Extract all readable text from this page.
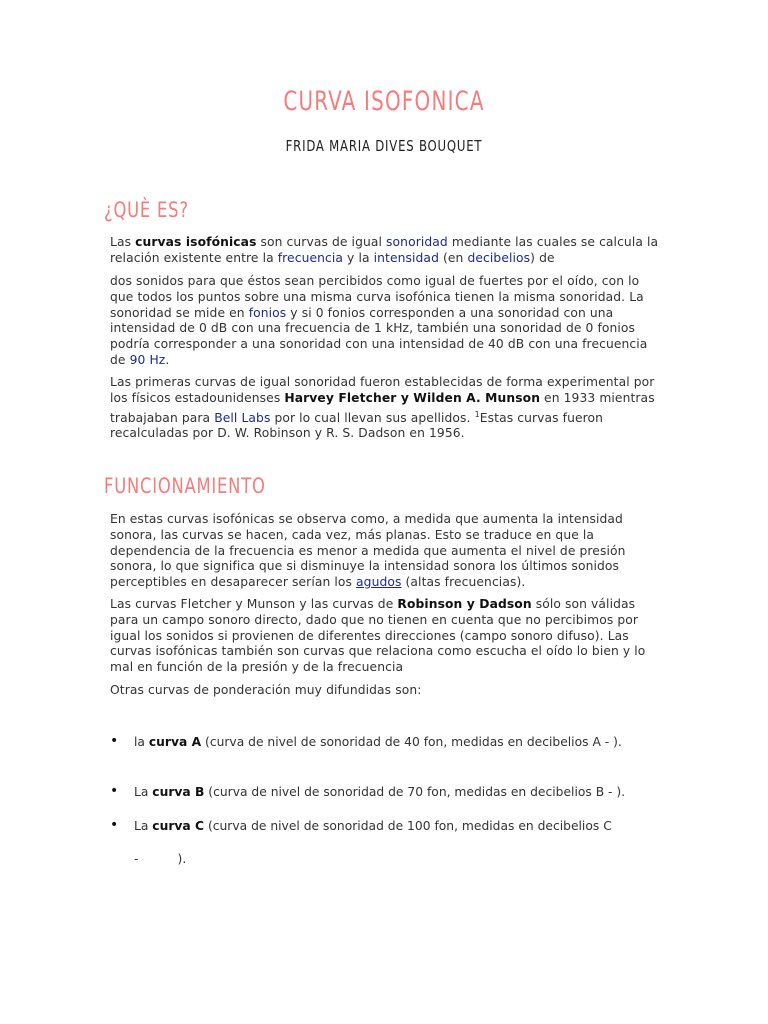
CURVA ISOFONICA
FRIDA MARIA DIVES BOUQUET
¿QUÈ ES?

Las curvas isofónicas son curvas de igual sonoridad mediante las cuales se calcula la relación existente entre la frecuencia y la intensidad (en decibelios) de

dos sonidos para que éstos sean percibidos como igual de fuertes por el oído, con lo que todos los puntos sobre una misma curva isofónica tienen la misma sonoridad. La sonoridad se mide en fonios y si 0 fonios corresponden a una sonoridad con una intensidad de 0 dB con una frecuencia de 1 kHz, también una sonoridad de 0 fonios podría corresponder a una sonoridad con una intensidad de 40 dB con una frecuencia de 90 Hz.

Las primeras curvas de igual sonoridad fueron establecidas de forma experimental por los físicos estadounidenses Harvey Fletcher y Wilden A. Munson en 1933 mientras trabajaban para Bell Labs por lo cual llevan sus apellidos. $^1$Estas curvas fueron recalculadas por D. W. Robinson y R. S. Dadson en 1956.

FUNCIONAMIENTO

En estas curvas isofónicas se observa como, a medida que aumenta la intensidad sonora, las curvas se hacen, cada vez, más planas. Esto se traduce en que la dependencia de la frecuencia es menor a medida que aumenta el nivel de presión sonora, lo que significa que si disminuye la intensidad sonora los últimos sonidos perceptibles en desaparecer serían los agudos (altas frecuencias).

Las curvas Fletcher y Munson y las curvas de Robinson y Dadson sólo son válidas para un campo sonoro directo, dado que no tienen en cuenta que no percibimos por igual los sonidos si provienen de diferentes direcciones (campo sonoro difuso). Las curvas isofónicas también son curvas que relaciona como escucha el oído lo bien y lo mal en función de la presión y de la frecuencia

Otras curvas de ponderación muy difundidas son:
• la curva A (curva de nivel de sonoridad de 40 fon, medidas en decibelios A - ).
• La curva B (curva de nivel de sonoridad de 70 fon, medidas en decibelios B - ).
• La curva C (curva de nivel de sonoridad de 100 fon, medidas en decibelios C
-          ).
